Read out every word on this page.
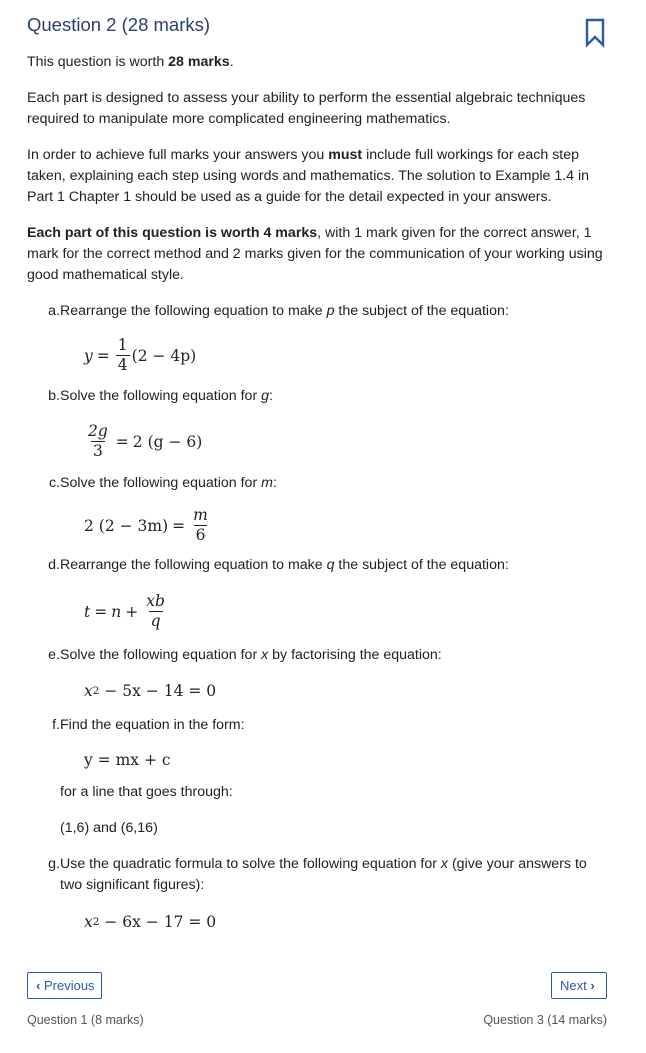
Question 2 (28 marks)

This question is worth 28 marks.

Each part is designed to assess your ability to perform the essential algebraic techniques required to manipulate more complicated engineering mathematics.

In order to achieve full marks your answers you must include full workings for each step taken, explaining each step using words and mathematics. The solution to Example 1.4 in Part 1 Chapter 1 should be used as a guide for the detail expected in your answers.

Each part of this question is worth 4 marks, with 1 mark given for the correct answer, 1 mark for the correct method and 2 marks given for the communication of your working using good mathematical style.

a. Rearrange the following equation to make p the subject of the equation:
$y = \frac{1}{4} (2 - 4p)$
b. Solve the following equation for g:
$\frac{2g}{3} = 2$ (g − 6)
c. Solve the following equation for m:
2 $(2 - 3m) = \frac{m}{6}$
d. Rearrange the following equation to make q the subject of the equation:
$t = n + \frac{xb}{q}$
e. Solve the following equation for x by factorising the equation:
x 2 − 5x − 14 = 0
f. Find the equation in the form:
y = mx + c
for a line that goes through:
(1,6) and (6,16)
g. Use the quadratic formula to solve the following equation for x (give your answers to two significant figures):
x 2 − 6x − 17 = 0
‹
Previous	Next
›
Question 1 (8 marks)	Question 3 (14 marks)
